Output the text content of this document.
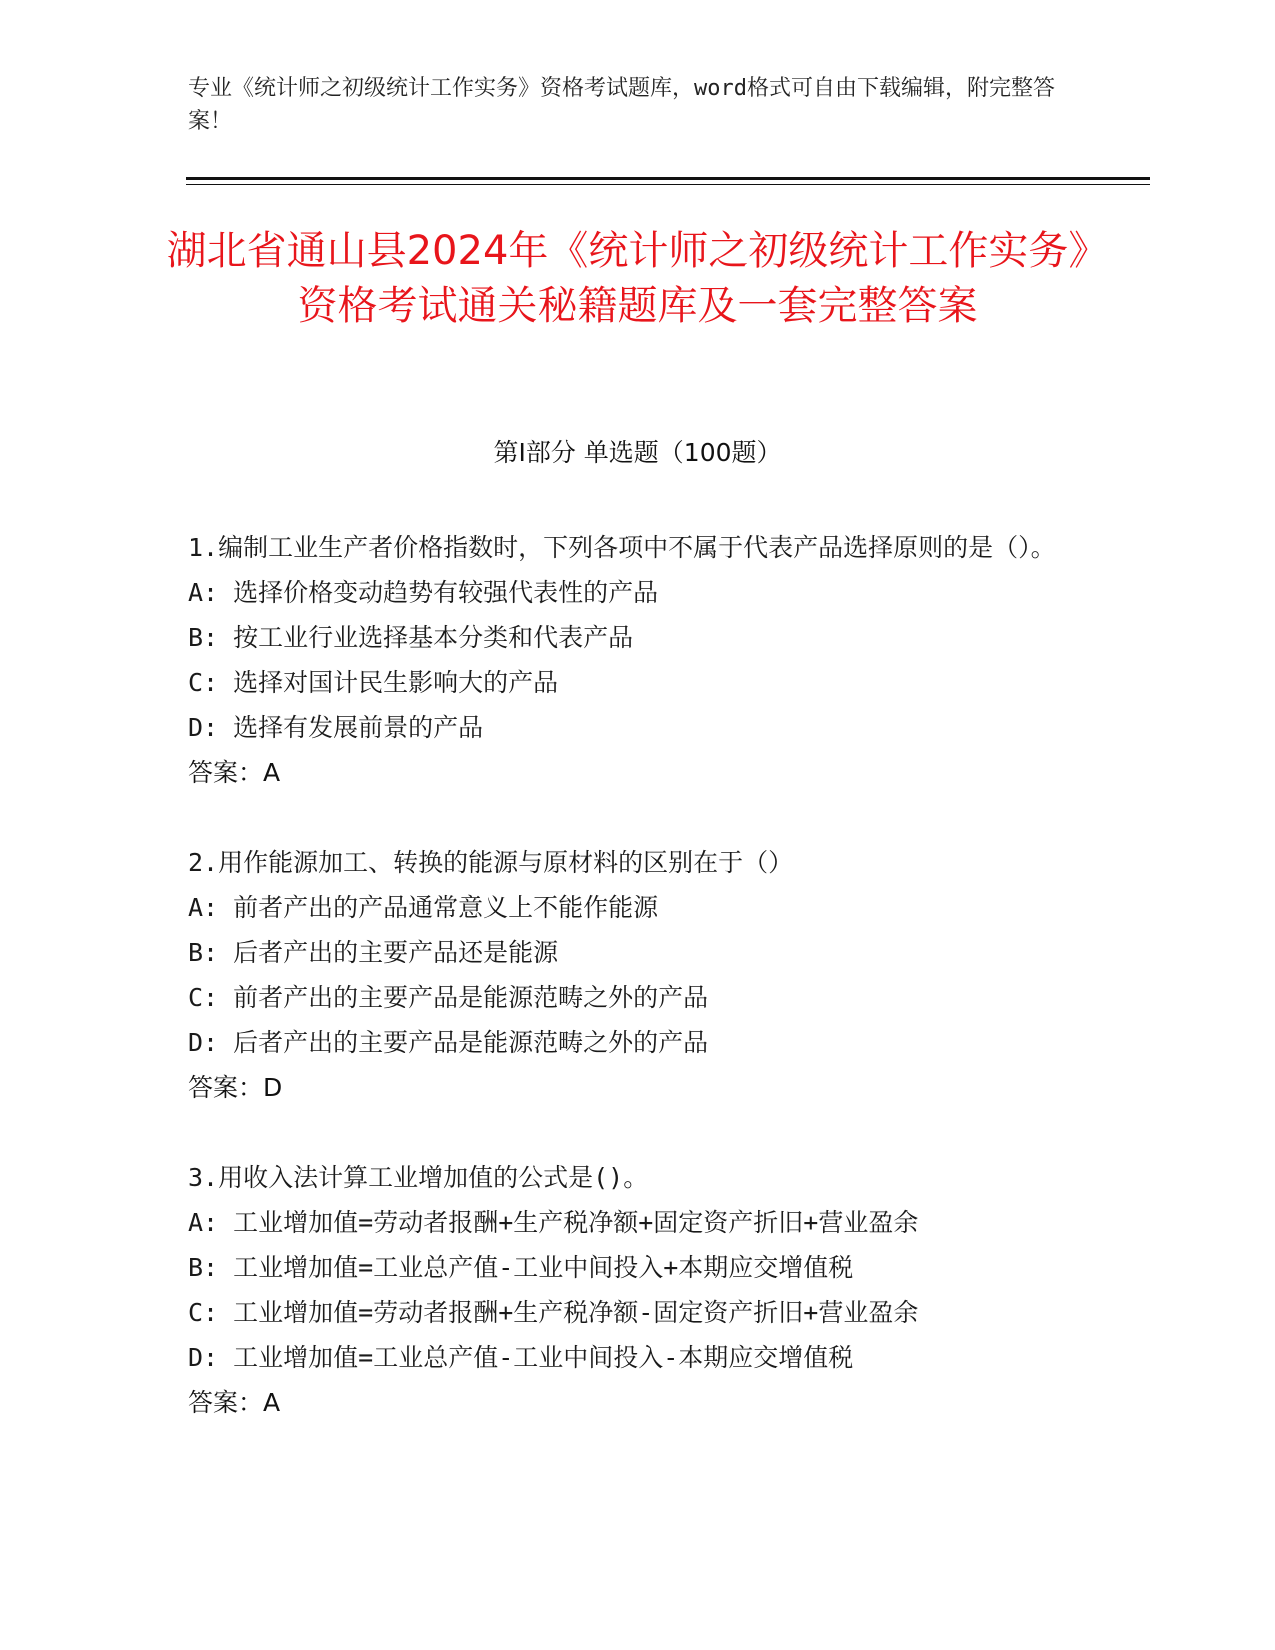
专业《统计师之初级统计工作实务》资格考试题库，word格式可自由下载编辑，附完整答案！
湖北省通山县2024年《统计师之初级统计工作实务》资格考试通关秘籍题库及一套完整答案
第I部分 单选题（100题）
1.编制工业生产者价格指数时，下列各项中不属于代表产品选择原则的是（）。
A: 选择价格变动趋势有较强代表性的产品
B: 按工业行业选择基本分类和代表产品
C: 选择对国计民生影响大的产品
D: 选择有发展前景的产品
答案：A
2.用作能源加工、转换的能源与原材料的区别在于（）
A: 前者产出的产品通常意义上不能作能源
B: 后者产出的主要产品还是能源
C: 前者产出的主要产品是能源范畴之外的产品
D: 后者产出的主要产品是能源范畴之外的产品
答案：D
3.用收入法计算工业增加值的公式是()。
A: 工业增加值=劳动者报酬+生产税净额+固定资产折旧+营业盈余
B: 工业增加值=工业总产值-工业中间投入+本期应交增值税
C: 工业增加值=劳动者报酬+生产税净额-固定资产折旧+营业盈余
D: 工业增加值=工业总产值-工业中间投入-本期应交增值税
答案：A
